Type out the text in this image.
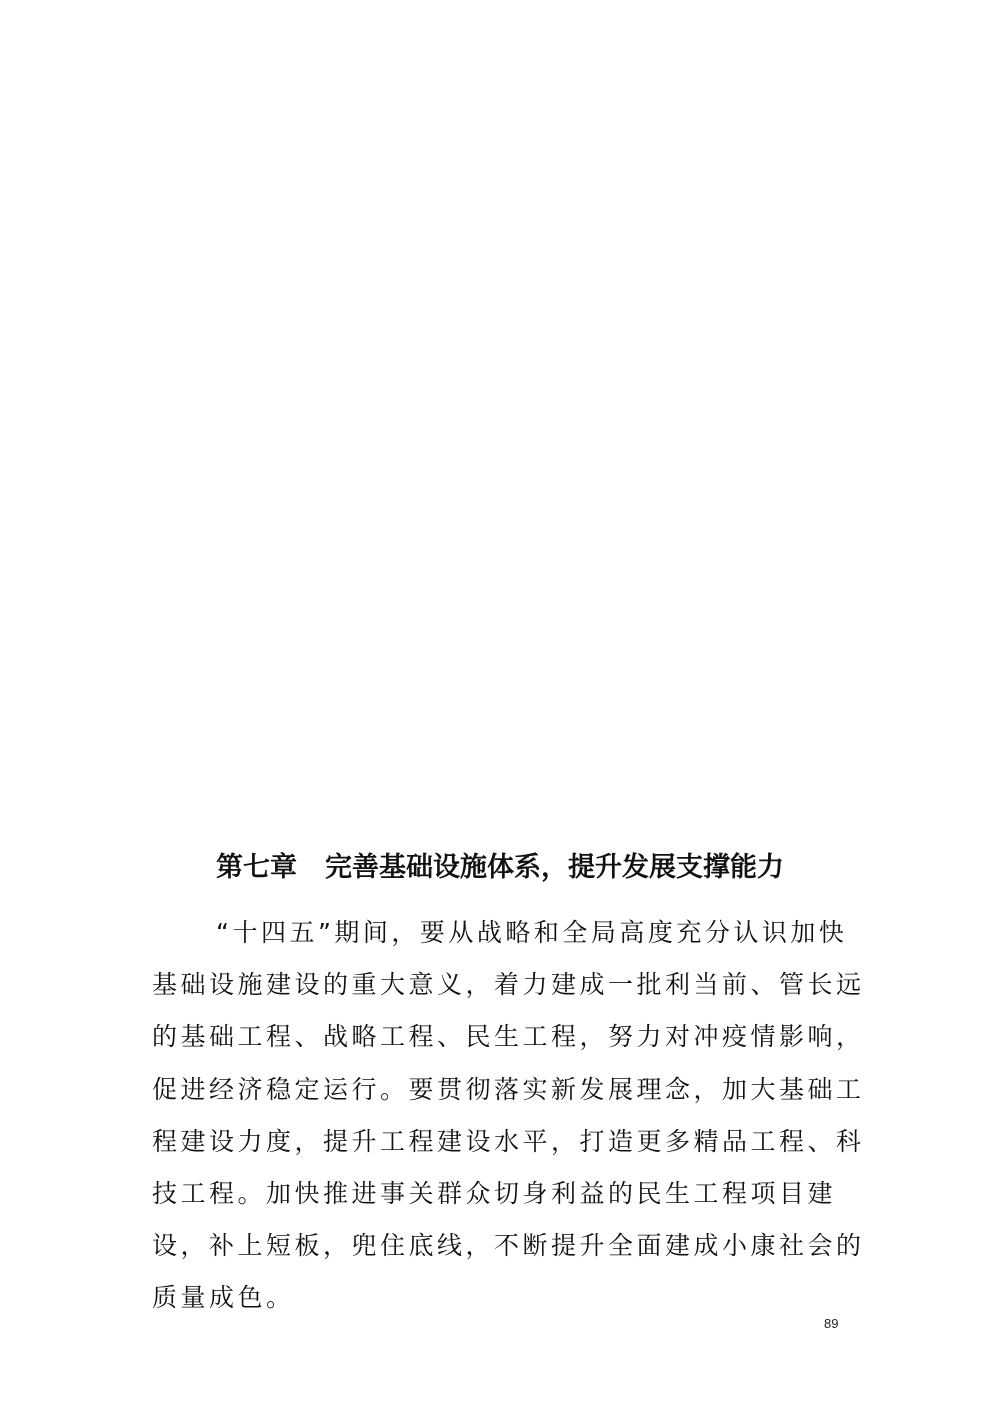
第七章 完善基础设施体系，提升发展支撑能力
“十四五”期间，要从战略和全局高度充分认识加快
基础设施建设的重大意义，着力建成一批利当前、管长远
的基础工程、战略工程、民生工程，努力对冲疫情影响，
促进经济稳定运行。要贯彻落实新发展理念，加大基础工
程建设力度，提升工程建设水平，打造更多精品工程、科
技工程。加快推进事关群众切身利益的民生工程项目建
设，补上短板，兜住底线，不断提升全面建成小康社会的
质量成色。
89
